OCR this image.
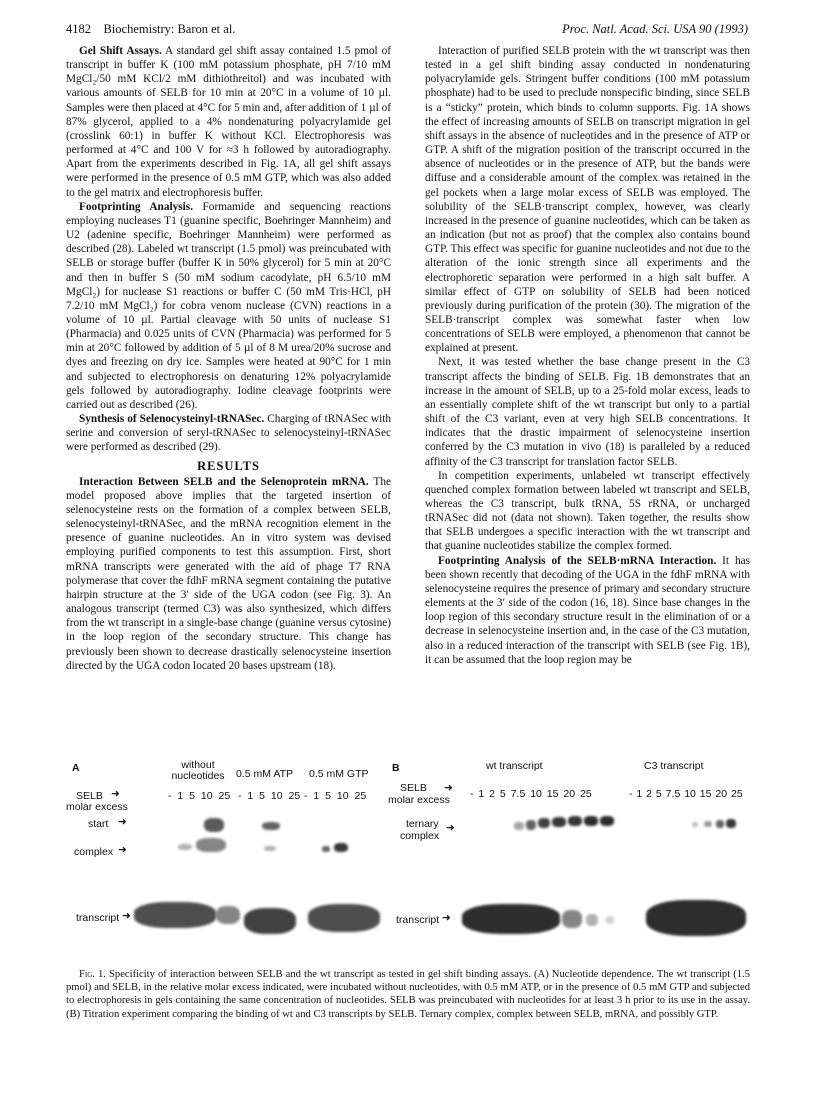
4182 Biochemistry: Baron et al.	Proc. Natl. Acad. Sci. USA 90 (1993)

Gel Shift Assays. A standard gel shift assay contained 1.5 pmol of transcript in buffer K (100 mM potassium phosphate, pH 7/10 mM MgCl₂/50 mM KCl/2 mM dithiothreitol) and was incubated with various amounts of SELB for 10 min at 20°C in a volume of 10 µl. Samples were then placed at 4°C for 5 min and, after addition of 1 µl of 87% glycerol, applied to a 4% nondenaturing polyacrylamide gel (crosslink 60:1) in buffer K without KCl. Electrophoresis was performed at 4°C and 100 V for ≈3 h followed by autoradiography. Apart from the experiments described in Fig. 1A, all gel shift assays were performed in the presence of 0.5 mM GTP, which was also added to the gel matrix and electrophoresis buffer.

Footprinting Analysis. Formamide and sequencing reactions employing nucleases T1 (guanine specific, Boehringer Mannheim) and U2 (adenine specific, Boehringer Mannheim) were performed as described (28). Labeled wt transcript (1.5 pmol) was preincubated with SELB or storage buffer (buffer K in 50% glycerol) for 5 min at 20°C and then in buffer S (50 mM sodium cacodylate, pH 6.5/10 mM MgCl₂) for nuclease S1 reactions or buffer C (50 mM Tris·HCl, pH 7.2/10 mM MgCl₂) for cobra venom nuclease (CVN) reactions in a volume of 10 µl. Partial cleavage with 50 units of nuclease S1 (Pharmacia) and 0.025 units of CVN (Pharmacia) was performed for 5 min at 20°C followed by addition of 5 µl of 8 M urea/20% sucrose and dyes and freezing on dry ice. Samples were heated at 90°C for 1 min and subjected to electrophoresis on denaturing 12% polyacrylamide gels followed by autoradiography. Iodine cleavage footprints were carried out as described (26).

Synthesis of Selenocysteinyl-tRNASec. Charging of tRNASec with serine and conversion of seryl-tRNASec to selenocysteinyl-tRNASec were performed as described (29).

RESULTS

Interaction Between SELB and the Selenoprotein mRNA. The model proposed above implies that the targeted insertion of selenocysteine rests on the formation of a complex between SELB, selenocysteinyl-tRNASec, and the mRNA recognition element in the presence of guanine nucleotides. An in vitro system was devised employing purified components to test this assumption. First, short mRNA transcripts were generated with the aid of phage T7 RNA polymerase that cover the fdhF mRNA segment containing the putative hairpin structure at the 3′ side of the UGA codon (see Fig. 3). An analogous transcript (termed C3) was also synthesized, which differs from the wt transcript in a single-base change (guanine versus cytosine) in the loop region of the secondary structure. This change has previously been shown to decrease drastically selenocysteine insertion directed by the UGA codon located 20 bases upstream (18).

Interaction of purified SELB protein with the wt transcript was then tested in a gel shift binding assay conducted in nondenaturing polyacrylamide gels. Stringent buffer conditions (100 mM potassium phosphate) had to be used to preclude nonspecific binding, since SELB is a “sticky” protein, which binds to column supports. Fig. 1A shows the effect of increasing amounts of SELB on transcript migration in gel shift assays in the absence of nucleotides and in the presence of ATP or GTP. A shift of the migration position of the transcript occurred in the absence of nucleotides or in the presence of ATP, but the bands were diffuse and a considerable amount of the complex was retained in the gel pockets when a large molar excess of SELB was employed. The solubility of the SELB·transcript complex, however, was clearly increased in the presence of guanine nucleotides, which can be taken as an indication (but not as proof) that the complex also contains bound GTP. This effect was specific for guanine nucleotides and not due to the alteration of the ionic strength since all experiments and the electrophoretic separation were performed in a high salt buffer. A similar effect of GTP on solubility of SELB had been noticed previously during purification of the protein (30). The migration of the SELB·transcript complex was somewhat faster when low concentrations of SELB were employed, a phenomenon that cannot be explained at present.

Next, it was tested whether the base change present in the C3 transcript affects the binding of SELB. Fig. 1B demonstrates that an increase in the amount of SELB, up to a 25-fold molar excess, leads to an essentially complete shift of the wt transcript but only to a partial shift of the C3 variant, even at very high SELB concentrations. It indicates that the drastic impairment of selenocysteine insertion conferred by the C3 mutation in vivo (18) is paralleled by a reduced affinity of the C3 transcript for translation factor SELB.

In competition experiments, unlabeled wt transcript effectively quenched complex formation between labeled wt transcript and SELB, whereas the C3 transcript, bulk tRNA, 5S rRNA, or uncharged tRNASec did not (data not shown). Taken together, the results show that SELB undergoes a specific interaction with the wt transcript and that guanine nucleotides stabilize the complex formed.

Footprinting Analysis of the SELB·mRNA Interaction. It has been shown recently that decoding of the UGA in the fdhF mRNA with selenocysteine requires the presence of primary and secondary structure elements at the 3′ side of the codon (16, 18). Since base changes in the loop region of this secondary structure result in the elimination of or a decrease in selenocysteine insertion and, in the case of the C3 mutation, also in a reduced interaction of the transcript with SELB (see Fig. 1B), it can be assumed that the loop region may be

A	without nucleotides 0.5 mM ATP 0.5 mM GTP
SELB
molar excess
➜	- 1 5 10 25 - 1 5 10 25 - 1 5 10 25
start ➜
complex ➜
transcript ➜
B	wt transcript	C3 transcript
SELB
molar excess
➜ - 1 2 5 7.5 10 15 20 25	- 1 2 5 7.5 10 15 20 25
ternary
complex
➜
transcript ➜

Fig. 1. Specificity of interaction between SELB and the wt transcript as tested in gel shift binding assays. (A) Nucleotide dependence. The wt transcript (1.5 pmol) and SELB, in the relative molar excess indicated, were incubated without nucleotides, with 0.5 mM ATP, or in the presence of 0.5 mM GTP and subjected to electrophoresis in gels containing the same concentration of nucleotides. SELB was preincubated with nucleotides for at least 3 h prior to its use in the assay. (B) Titration experiment comparing the binding of wt and C3 transcripts by SELB. Ternary complex, complex between SELB, mRNA, and possibly GTP.
